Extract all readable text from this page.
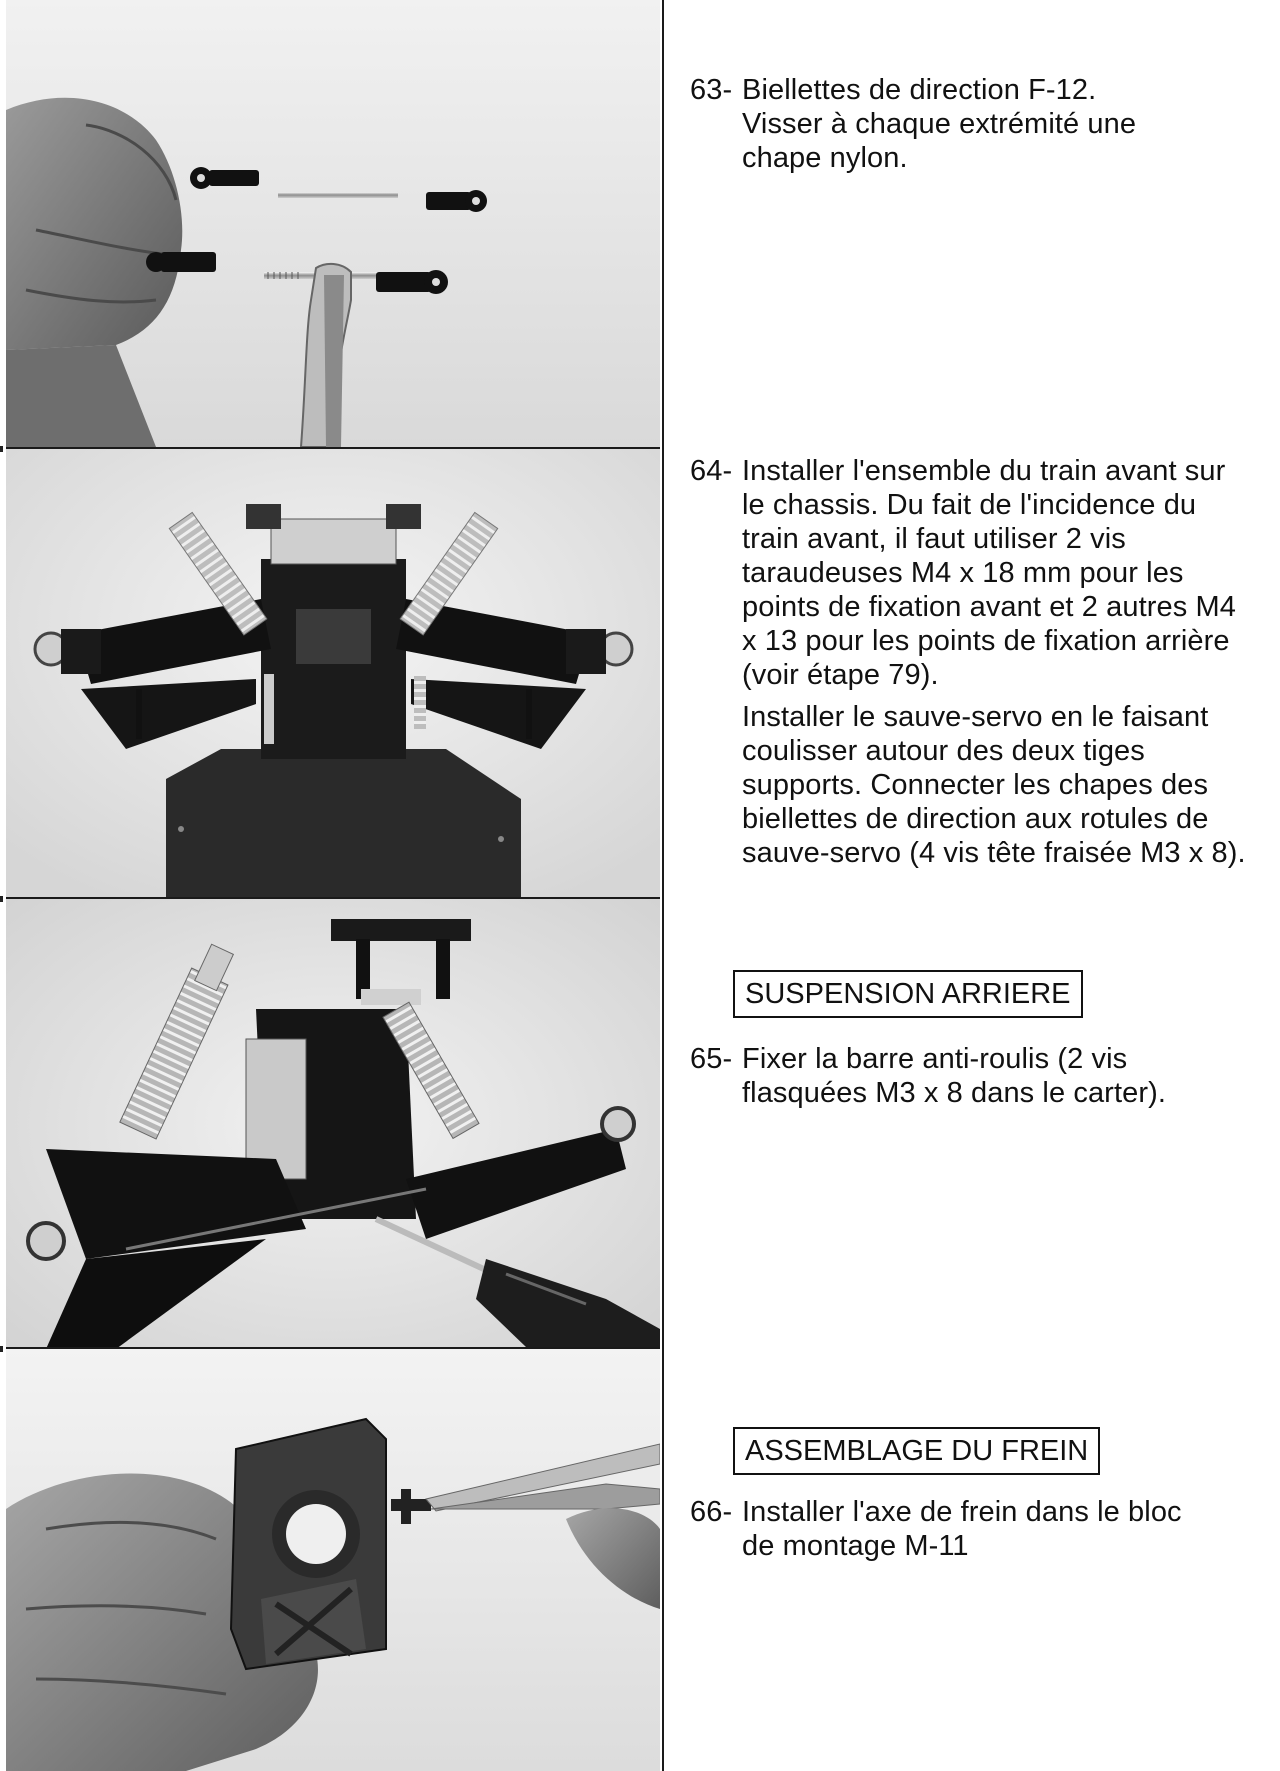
63- Biellettes de direction F-12.

Visser à chaque extrémité une

chape nylon.

64- Installer l'ensemble du train avant sur le chassis. Du fait de l'incidence du train avant, il faut utiliser 2 vis taraudeuses M4 x 18 mm pour les points de fixation avant et 2 autres M4 x 13 pour les points de fixation arrière (voir étape 79).

Installer le sauve-servo en le faisant coulisser autour des deux tiges supports. Connecter les chapes des biellettes de direction aux rotules de sauve-servo (4 vis tête fraisée M3 x 8).

SUSPENSION ARRIERE
65- Fixer la barre anti-roulis (2 vis flasquées M3 x 8 dans le carter).

ASSEMBLAGE DU FREIN
66- Installer l'axe de frein dans le bloc de montage M-11
